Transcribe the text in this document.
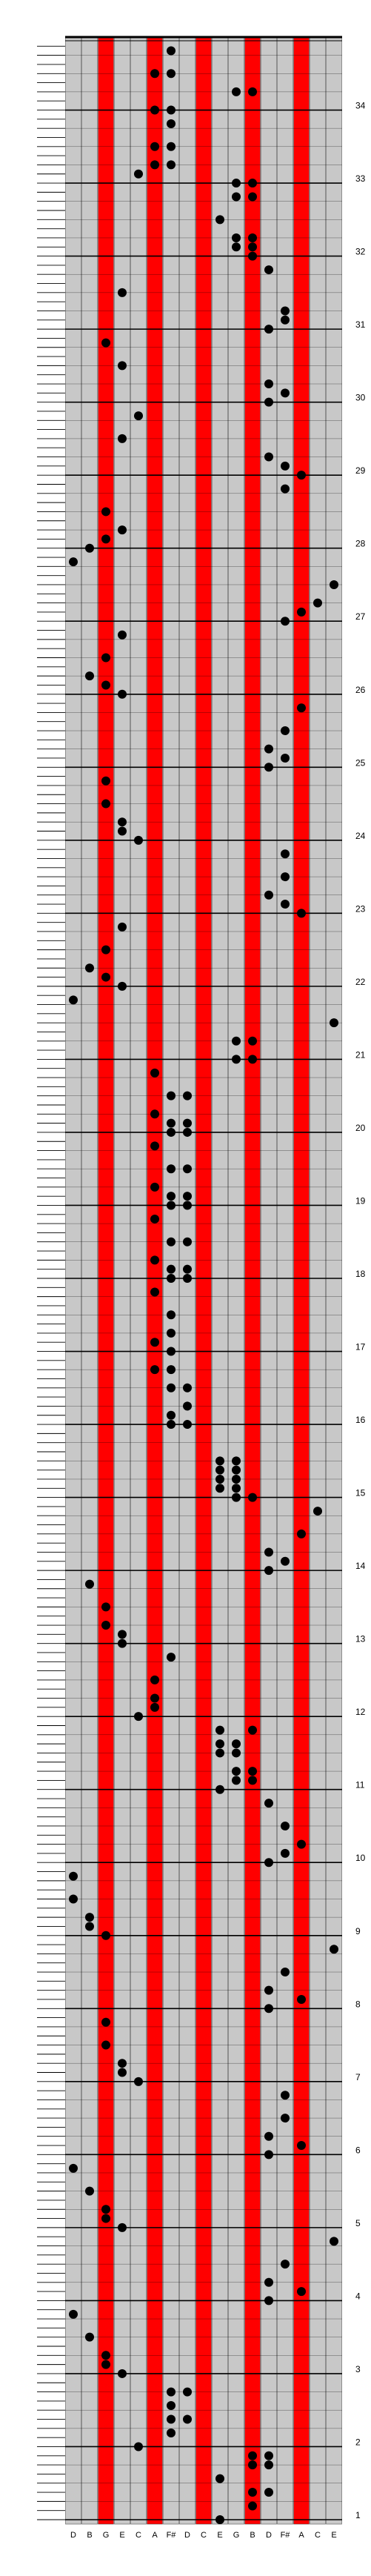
1
2
3
4
5
6
7
8
9
10
11
12
13
14
15
16
17
18
19
20
21
22
23
24
25
26
27
28
29
30
31
32
33
34
D B G E C A F# D C E G B D F# A C E
